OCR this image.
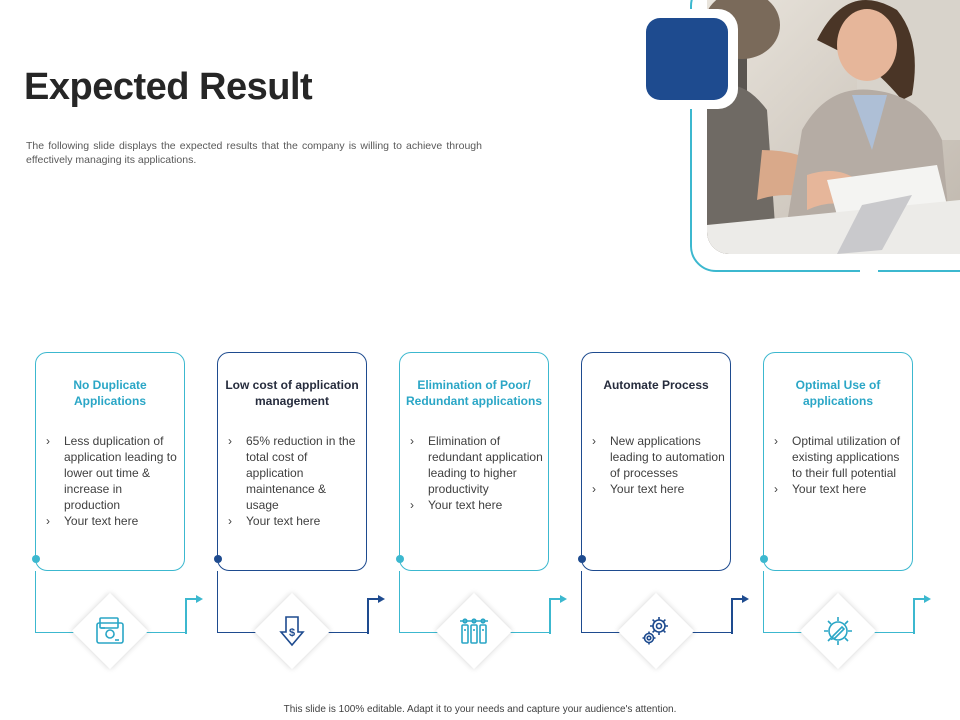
Expected Result
The following slide displays the expected results that the company is willing to achieve through effectively managing its applications.
No Duplicate Applications
› Less duplication of application leading to lower out time & increase in production
› Your text here
Low cost of application management
› 65% reduction in the total cost of application maintenance & usage
› Your text here
Elimination of Poor/ Redundant applications
› Elimination of redundant application leading to higher productivity
› Your text here
Automate Process
› New applications leading to automation of processes
› Your text here
Optimal Use of applications
› Optimal utilization of existing applications to their full potential
› Your text here
$
This slide is 100% editable. Adapt it to your needs and capture your audience's attention.
